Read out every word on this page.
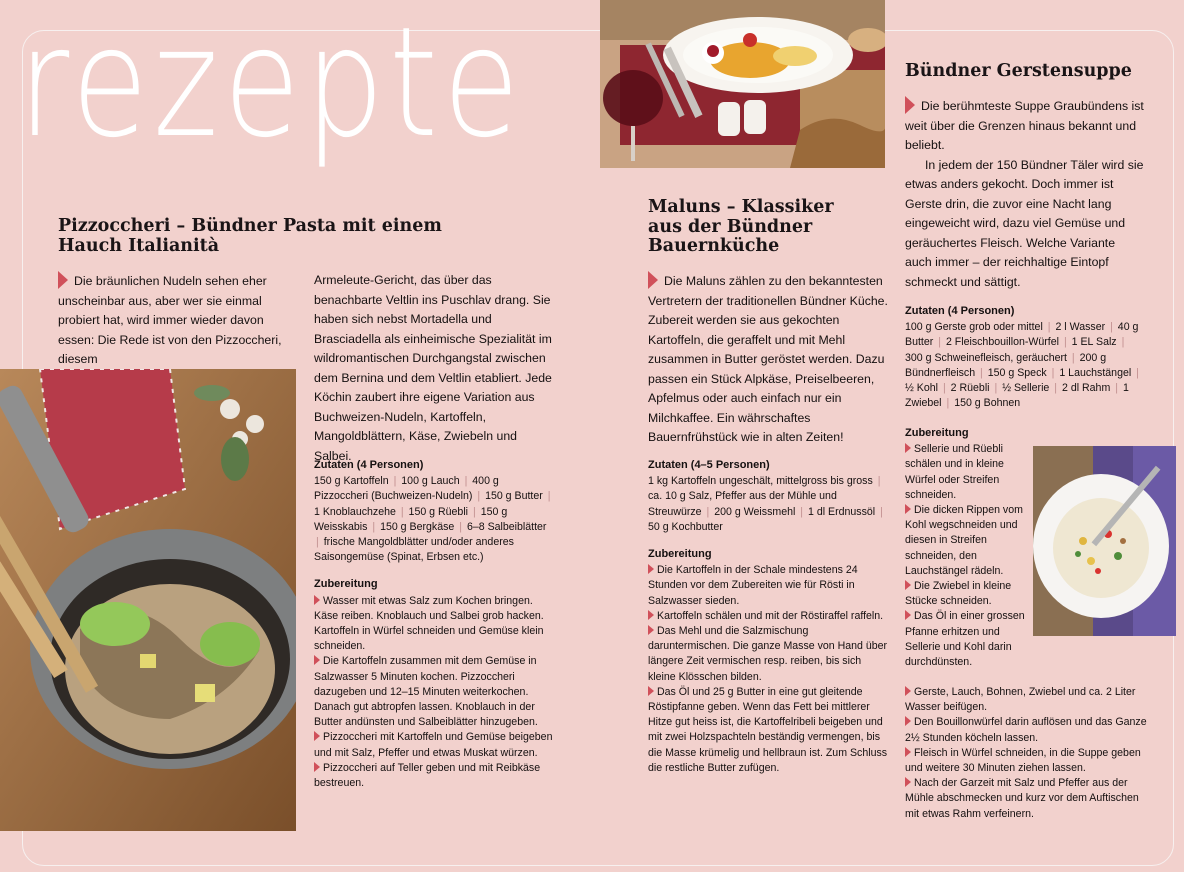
rezepte
Pizzoccheri – Bündner Pasta mit einem Hauch Italianità

Die bräunlichen Nudeln sehen eher unscheinbar aus, aber wer sie einmal probiert hat, wird immer wieder davon essen: Die Rede ist von den Pizzoccheri, diesem

Armeleute-Gericht, das über das benachbarte Veltlin ins Puschlav drang. Sie haben sich nebst Mortadella und Brasciadella als einheimische Spezialität im wildromantischen Durchgangstal zwischen dem Bernina und dem Veltlin etabliert. Jede Köchin zaubert ihre eigene Variation aus Buchweizen-Nudeln, Kartoffeln, Mangoldblättern, Käse, Zwiebeln und Salbei.

Zutaten (4 Personen)
150 g Kartoffeln | 100 g Lauch | 400 g Pizzoccheri (Buchweizen-Nudeln) | 150 g Butter | 1 Knoblauchzehe | 150 g Rüebli | 150 g Weisskabis | 150 g Bergkäse | 6–8 Salbeiblätter | frische Mangoldblätter und/oder anderes Saisongemüse (Spinat, Erbsen etc.)
Zubereitung
Wasser mit etwas Salz zum Kochen bringen. Käse reiben. Knoblauch und Salbei grob hacken. Kartoffeln in Würfel schneiden und Gemüse klein schneiden.
Die Kartoffeln zusammen mit dem Gemüse in Salzwasser 5 Minuten kochen. Pizzoccheri dazugeben und 12–15 Minuten weiterkochen. Danach gut abtropfen lassen. Knoblauch in der Butter andünsten und Salbeiblätter hinzugeben.
Pizzoccheri mit Kartoffeln und Gemüse beigeben und mit Salz, Pfeffer und etwas Muskat würzen.
Pizzoccheri auf Teller geben und mit Reibkäse bestreuen.
Maluns – Klassiker aus der Bündner Bauernküche

Die Maluns zählen zu den bekanntesten Vertretern der traditionellen Bündner Küche. Zubereit werden sie aus gekochten Kartoffeln, die geraffelt und mit Mehl zusammen in Butter geröstet werden. Dazu passen ein Stück Alpkäse, Preiselbeeren, Apfelmus oder auch einfach nur ein Milchkaffee. Ein währschaftes Bauernfrühstück wie in alten Zeiten!

Zutaten (4–5 Personen)
1 kg Kartoffeln ungeschält, mittelgross bis gross | ca. 10 g Salz, Pfeffer aus der Mühle und Streuwürze | 200 g Weissmehl | 1 dl Erdnussöl | 50 g Kochbutter
Zubereitung
Die Kartoffeln in der Schale mindestens 24 Stunden vor dem Zubereiten wie für Rösti in Salzwasser sieden.
Kartoffeln schälen und mit der Röstiraffel raffeln.
Das Mehl und die Salzmischung daruntermischen. Die ganze Masse von Hand über längere Zeit vermischen resp. reiben, bis sich kleine Klösschen bilden.
Das Öl und 25 g Butter in eine gut gleitende Röstipfanne geben. Wenn das Fett bei mittlerer Hitze gut heiss ist, die Kartoffelribeli beigeben und mit zwei Holzspachteln beständig vermengen, bis die Masse krümelig und hellbraun ist. Zum Schluss die restliche Butter zufügen.
Bündner Gerstensuppe

Die berühmteste Suppe Graubündens ist weit über die Grenzen hinaus bekannt und beliebt.

In jedem der 150 Bündner Täler wird sie etwas anders gekocht. Doch immer ist Gerste drin, die zuvor eine Nacht lang eingeweicht wird, dazu viel Gemüse und geräuchertes Fleisch. Welche Variante auch immer – der reichhaltige Eintopf schmeckt und sättigt.

Zutaten (4 Personen)
100 g Gerste grob oder mittel | 2 l Wasser | 40 g Butter | 2 Fleischbouillon-Würfel | 1 EL Salz | 300 g Schweinefleisch, geräuchert | 200 g Bündnerfleisch | 150 g Speck | 1 Lauchstängel | ½ Kohl | 2 Rüebli | ½ Sellerie | 2 dl Rahm | 1 Zwiebel | 150 g Bohnen
Zubereitung
Sellerie und Rüebli schälen und in kleine Würfel oder Streifen schneiden.
Die dicken Rippen vom Kohl wegschneiden und diesen in Streifen schneiden, den Lauchstängel rädeln.
Die Zwiebel in kleine Stücke schneiden.
Das Öl in einer grossen Pfanne erhitzen und Sellerie und Kohl darin durchdünsten.
Gerste, Lauch, Bohnen, Zwiebel und ca. 2 Liter Wasser beifügen.
Den Bouillonwürfel darin auflösen und das Ganze 2½ Stunden köcheln lassen.
Fleisch in Würfel schneiden, in die Suppe geben und weitere 30 Minuten ziehen lassen.
Nach der Garzeit mit Salz und Pfeffer aus der Mühle abschmecken und kurz vor dem Auftischen mit etwas Rahm verfeinern.
